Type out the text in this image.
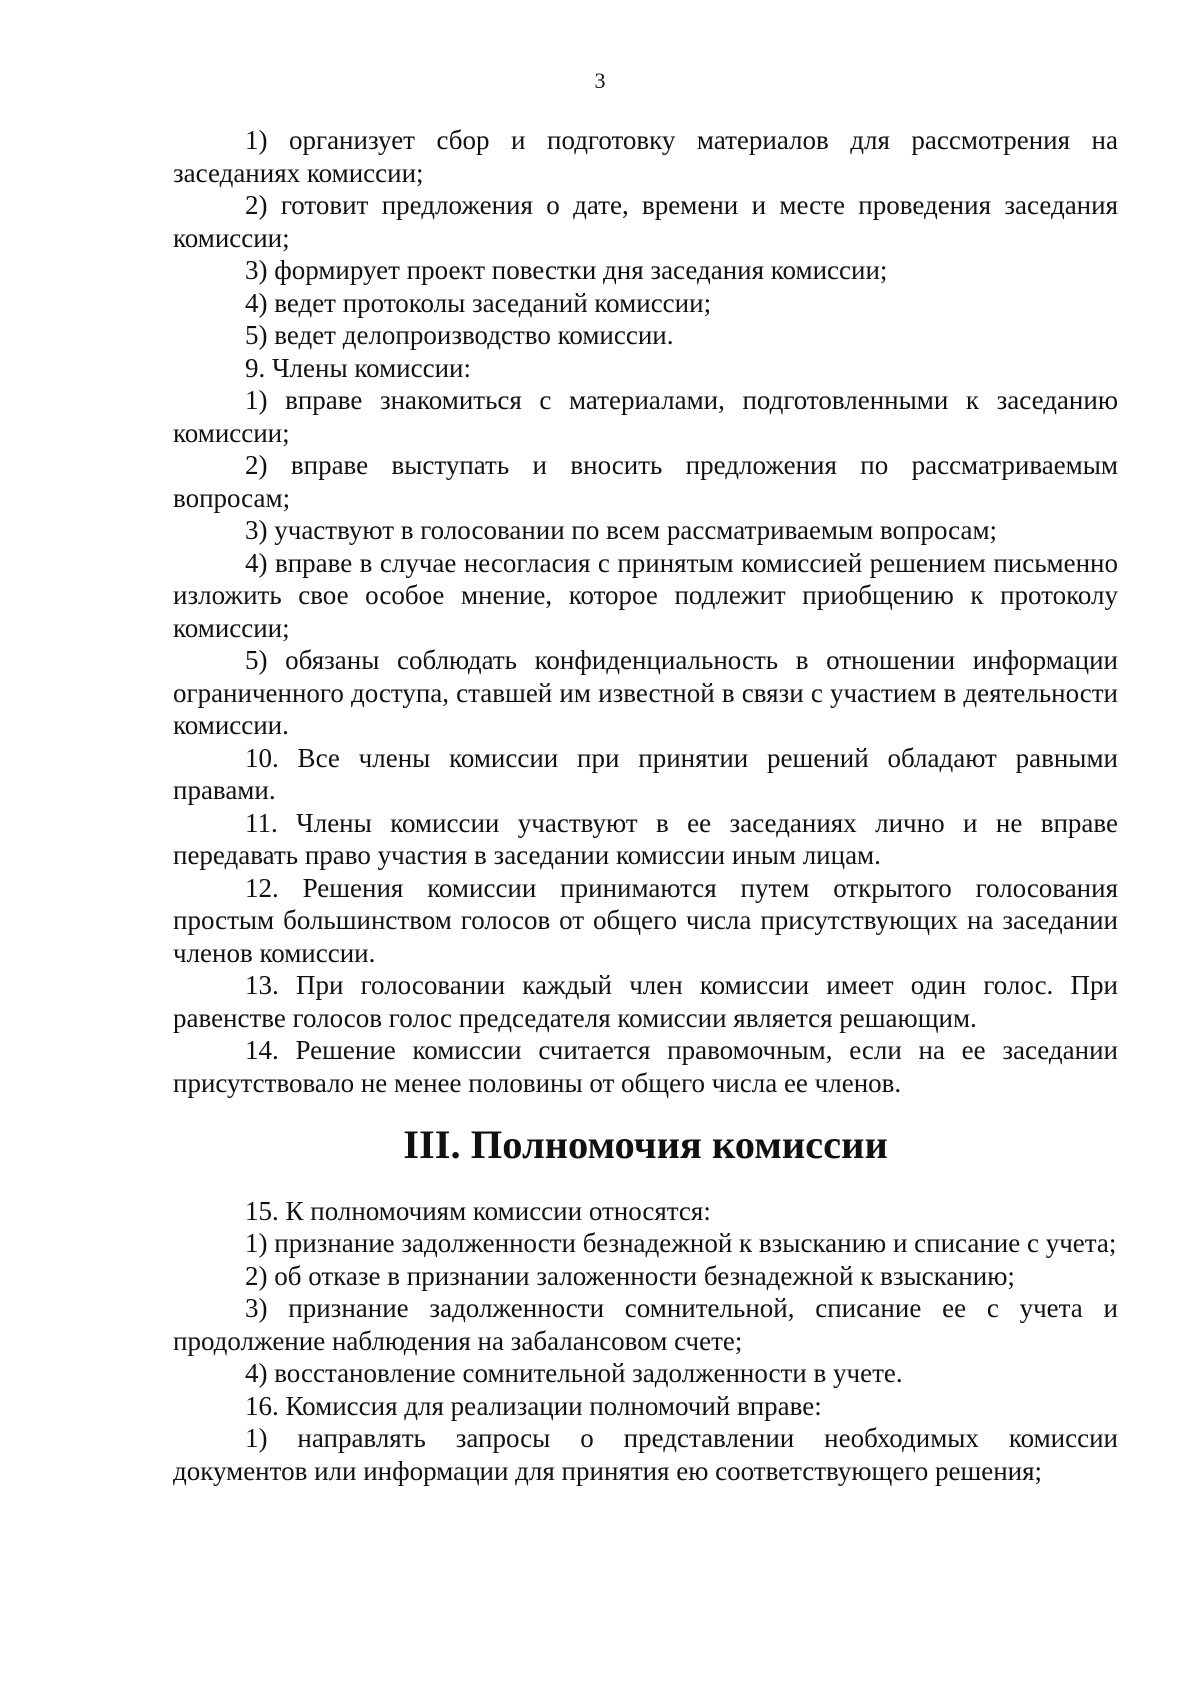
3

1) организует сбор и подготовку материалов для рассмотрения на заседаниях комиссии;

2) готовит предложения о дате, времени и месте проведения заседания комиссии;

3) формирует проект повестки дня заседания комиссии;

4) ведет протоколы заседаний комиссии;

5) ведет делопроизводство комиссии.

9. Члены комиссии:

1) вправе знакомиться с материалами, подготовленными к заседанию комиссии;

2) вправе выступать и вносить предложения по рассматриваемым вопросам;

3) участвуют в голосовании по всем рассматриваемым вопросам;

4) вправе в случае несогласия с принятым комиссией решением письменно изложить свое особое мнение, которое подлежит приобщению к протоколу комиссии;

5) обязаны соблюдать конфиденциальность в отношении информации ограниченного доступа, ставшей им известной в связи с участием в деятельности комиссии.

10. Все члены комиссии при принятии решений обладают равными правами.

11. Члены комиссии участвуют в ее заседаниях лично и не вправе передавать право участия в заседании комиссии иным лицам.

12. Решения комиссии принимаются путем открытого голосования простым большинством голосов от общего числа присутствующих на заседании членов комиссии.

13. При голосовании каждый член комиссии имеет один голос. При равенстве голосов голос председателя комиссии является решающим.

14. Решение комиссии считается правомочным, если на ее заседании присутствовало не менее половины от общего числа ее членов.

III. Полномочия комиссии

15. К полномочиям комиссии относятся:

1) признание задолженности безнадежной к взысканию и списание с учета;

2) об отказе в признании заложенности безнадежной к взысканию;

3) признание задолженности сомнительной, списание ее с учета и продолжение наблюдения на забалансовом счете;

4) восстановление сомнительной задолженности в учете.

16. Комиссия для реализации полномочий вправе:

1) направлять запросы о представлении необходимых комиссии документов или информации для принятия ею соответствующего решения;
